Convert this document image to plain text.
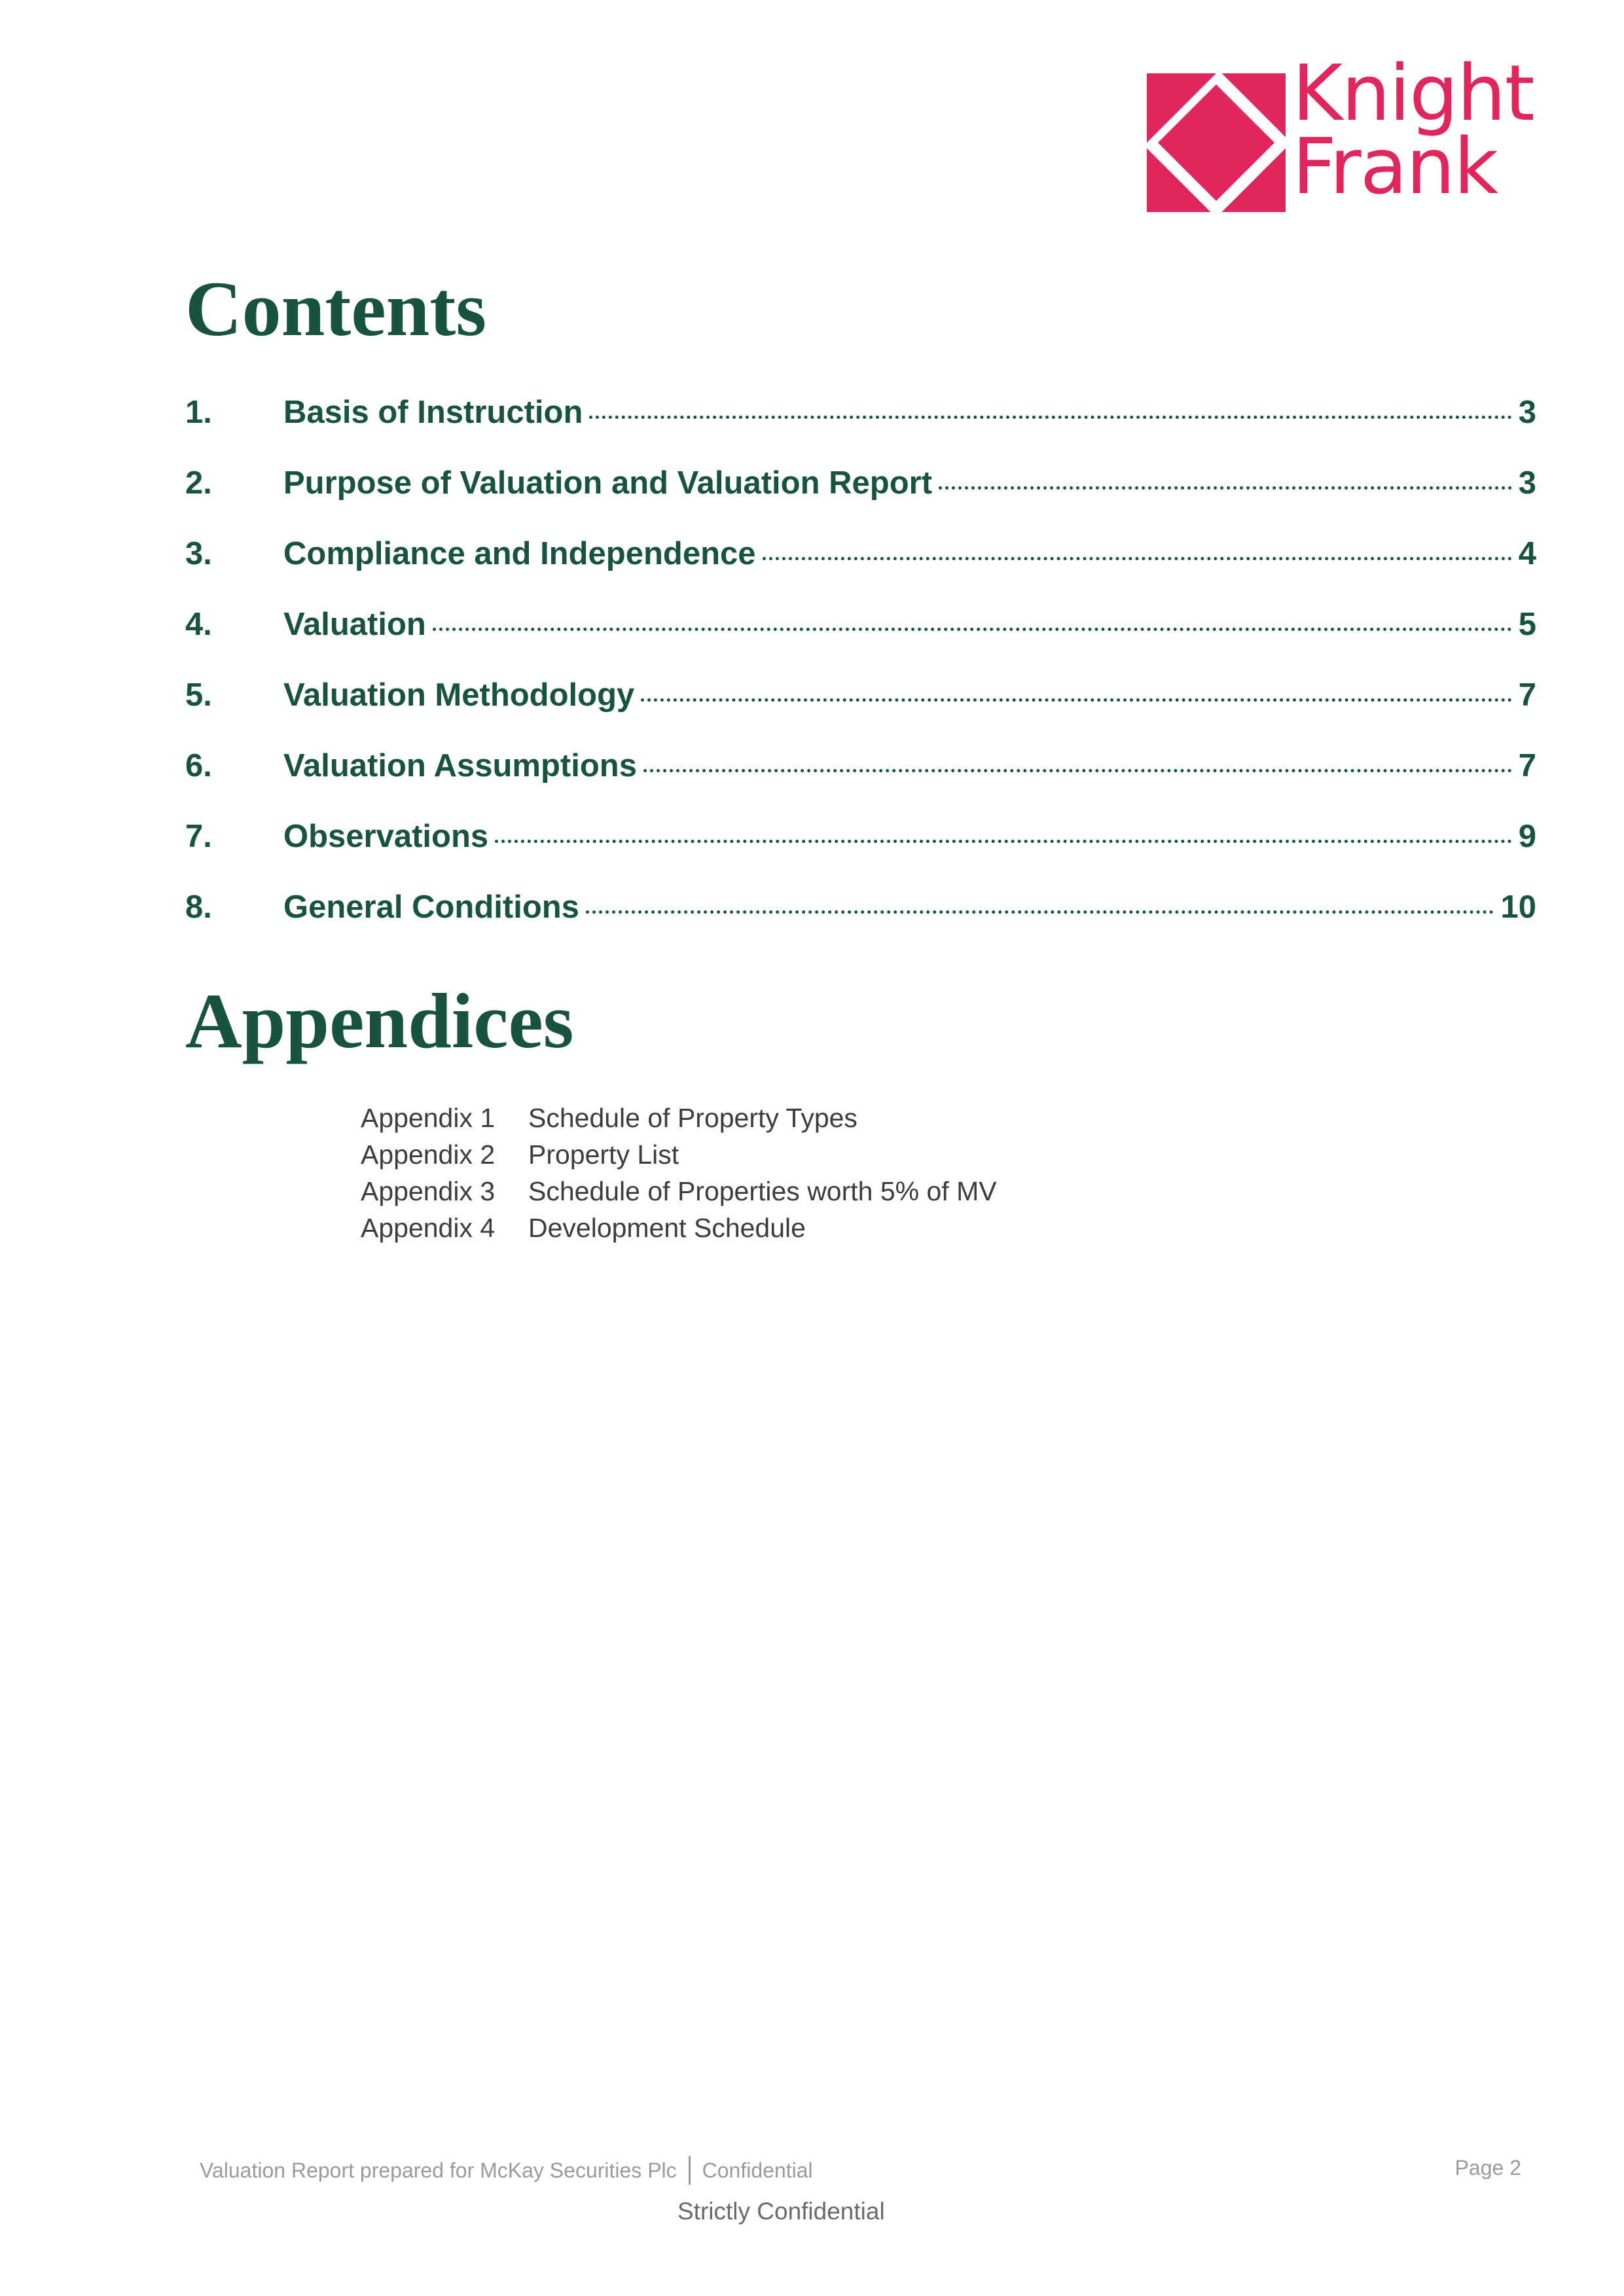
Knight
Frank
Contents
1.	Basis of Instruction	3
2.	Purpose of Valuation and Valuation Report	3
3.	Compliance and Independence	4
4.	Valuation	5
5.	Valuation Methodology	7
6.	Valuation Assumptions	7
7.	Observations	9
8.	General Conditions	10
Appendices
Appendix 1	Schedule of Property Types
Appendix 2	Property List
Appendix 3	Schedule of Properties worth 5% of MV
Appendix 4	Development Schedule
Valuation Report prepared for McKay Securities Plc Confidential	Page 2
Strictly Confidential
